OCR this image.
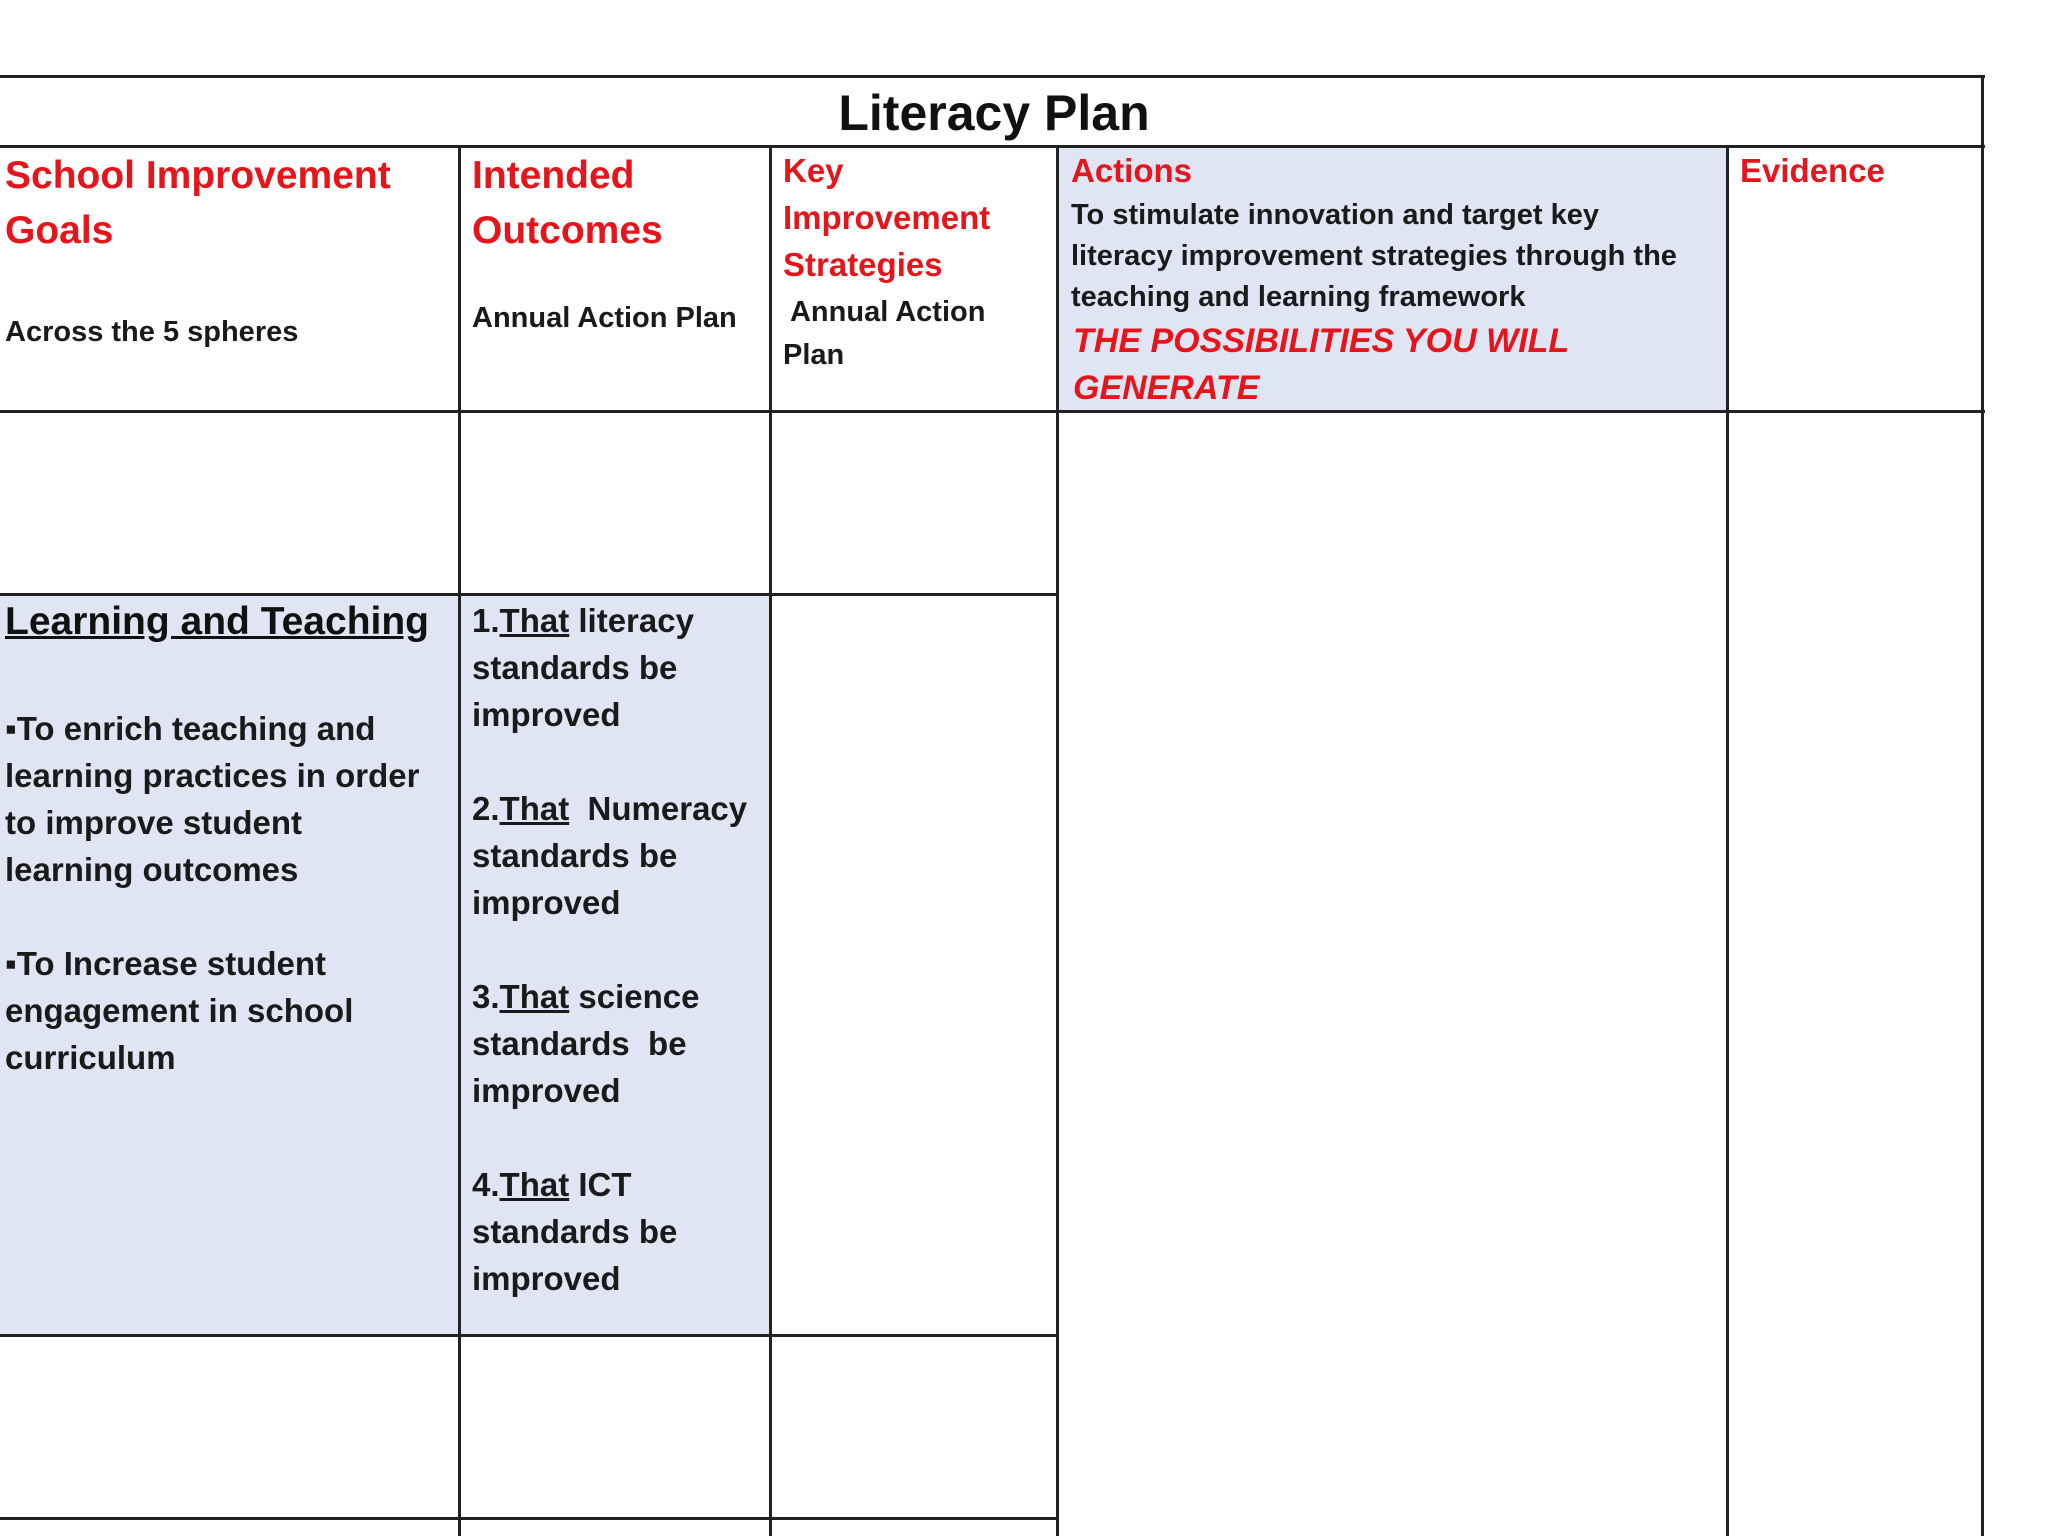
Literacy Plan
School Improvement
Goals
Across the 5 spheres
Intended
Outcomes
Annual Action Plan
Key
Improvement
Strategies
Annual Action
Plan
Actions
To stimulate innovation and target key
literacy improvement strategies through the
teaching and learning framework
THE POSSIBILITIES YOU WILL
GENERATE
Evidence
Learning and Teaching
▪To enrich teaching and
learning practices in order
to improve student
learning outcomes
▪To Increase student
engagement in school
curriculum
1.That literacy
standards be
improved
2.That  Numeracy
standards be
improved
3.That science
standards  be
improved
4.That ICT
standards be
improved
